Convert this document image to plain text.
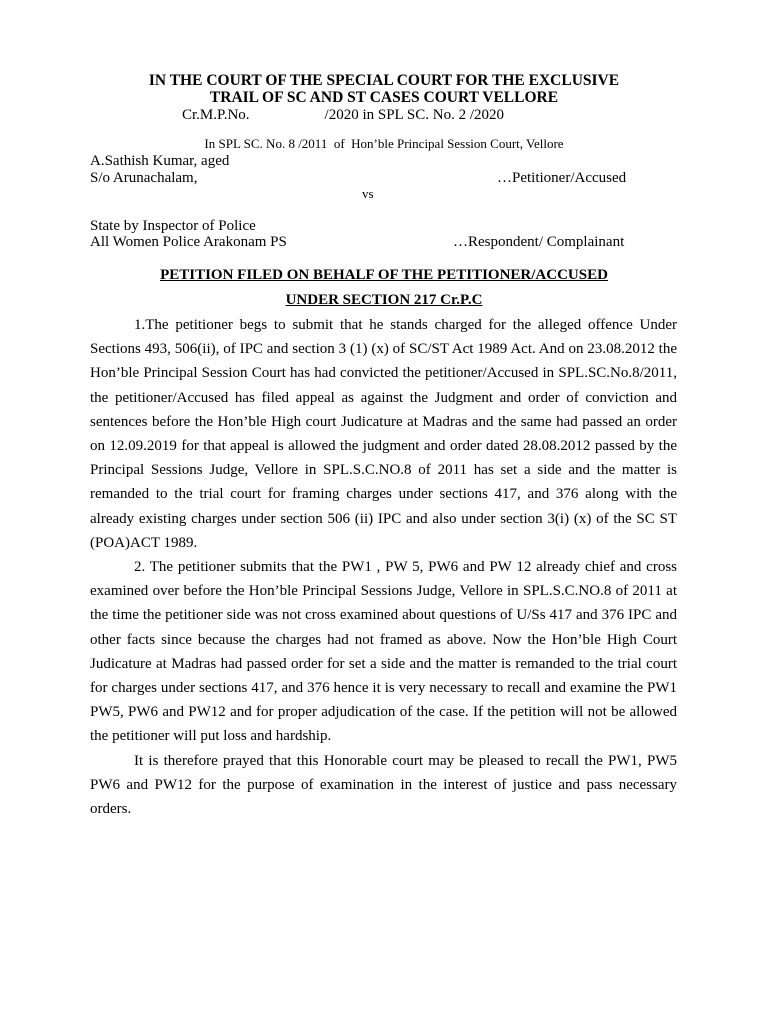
IN THE COURT OF THE SPECIAL COURT FOR THE EXCLUSIVE
TRAIL OF SC AND ST CASES COURT VELLORE
Cr.M.P.No.                    /2020 in SPL SC. No. 2 /2020
In SPL SC. No. 8 /2011  of  Hon’ble Principal Session Court, Vellore
A.Sathish Kumar, aged
S/o Arunachalam,	…Petitioner/Accused
vs
State by Inspector of Police
All Women Police Arakonam PS	…Respondent/ Complainant
PETITION FILED ON BEHALF OF THE PETITIONER/ACCUSED
UNDER SECTION 217 Cr.P.C

1.The petitioner begs to submit that he stands charged for the alleged offence Under Sections 493, 506(ii), of IPC and section 3 (1) (x) of SC/ST Act 1989 Act. And on 23.08.2012 the Hon’ble Principal Session Court has had convicted the petitioner/Accused in SPL.SC.No.8/2011, the petitioner/Accused has filed appeal as against the Judgment and order of conviction and sentences before the Hon’ble High court Judicature at Madras and the same had passed an order on 12.09.2019 for that appeal is allowed the judgment and order dated 28.08.2012 passed by the Principal Sessions Judge, Vellore in SPL.S.C.NO.8 of 2011 has set a side and the matter is remanded to the trial court for framing charges under sections 417, and 376 along with the already existing charges under section 506 (ii) IPC and also under section 3(i) (x) of the SC ST (POA)ACT 1989.

2. The petitioner submits that the PW1 , PW 5, PW6 and PW 12 already chief and cross examined over before the Hon’ble Principal Sessions Judge, Vellore in SPL.S.C.NO.8 of 2011 at the time the petitioner side was not cross examined about questions of U/Ss 417 and 376 IPC and other facts since because the charges had not framed as above. Now the Hon’ble High Court Judicature at Madras had passed order for set a side and the matter is remanded to the trial court for charges under sections 417, and 376 hence it is very necessary to recall and examine the PW1 PW5, PW6 and PW12 and for proper adjudication of the case. If the petition will not be allowed the petitioner will put loss and hardship.

It is therefore prayed that this Honorable court may be pleased to recall the PW1, PW5 PW6 and PW12 for the purpose of examination in the interest of justice and pass necessary orders.
